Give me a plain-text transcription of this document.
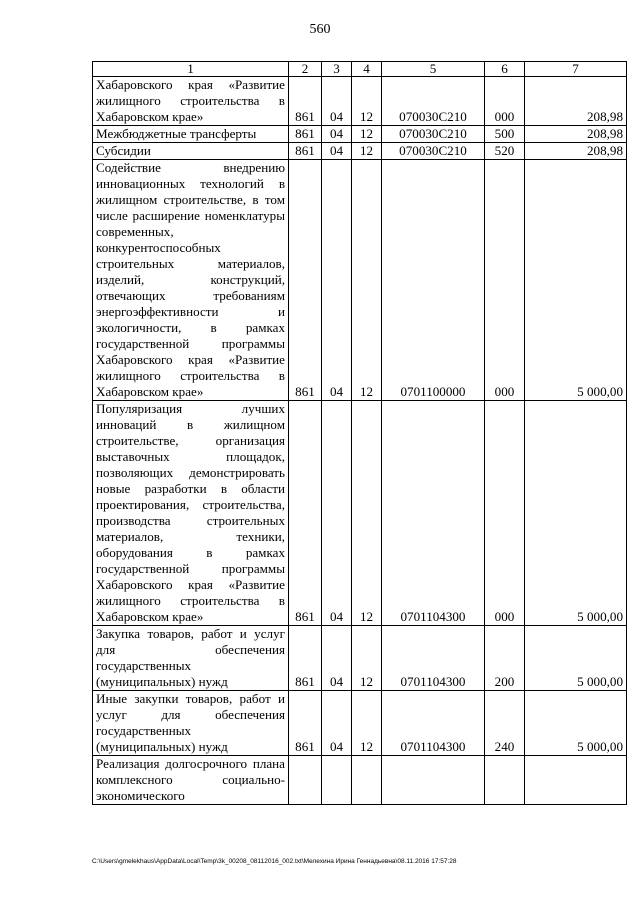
560
1	2	3	4	5	6	7
Хабаровского края «Развитие жилищного строительства в Хабаровском крае»	861	04	12	070030С210	000	208,98
Межбюджетные трансферты	861	04	12	070030С210	500	208,98
Субсидии	861	04	12	070030С210	520	208,98
Содействие внедрению инновационных технологий в жилищном строительстве, в том числе расширение номенклатуры современных, конкурентоспособных строительных материалов, изделий, конструкций, отвечающих требованиям энергоэффективности и экологичности, в рамках государственной программы Хабаровского края «Развитие жилищного строительства в Хабаровском крае»	861	04	12	0701100000	000	5 000,00
Популяризация лучших инноваций в жилищном строительстве, организация выставочных площадок, позволяющих демонстрировать новые разработки в области проектирования, строительства, производства строительных материалов, техники, оборудования в рамках государственной программы Хабаровского края «Развитие жилищного строительства в Хабаровском крае»	861	04	12	0701104300	000	5 000,00
Закупка товаров, работ и услуг для обеспечения государственных (муниципальных) нужд	861	04	12	0701104300	200	5 000,00
Иные закупки товаров, работ и услуг для обеспечения государственных (муниципальных) нужд	861	04	12	0701104300	240	5 000,00
Реализация долгосрочного плана комплексного социально-экономического						
C:\Users\gmelekhaus\AppData\Local\Temp\3k_00208_08112016_002.txt\Мелехина Ирина Геннадьевна\08.11.2016 17:57:28
